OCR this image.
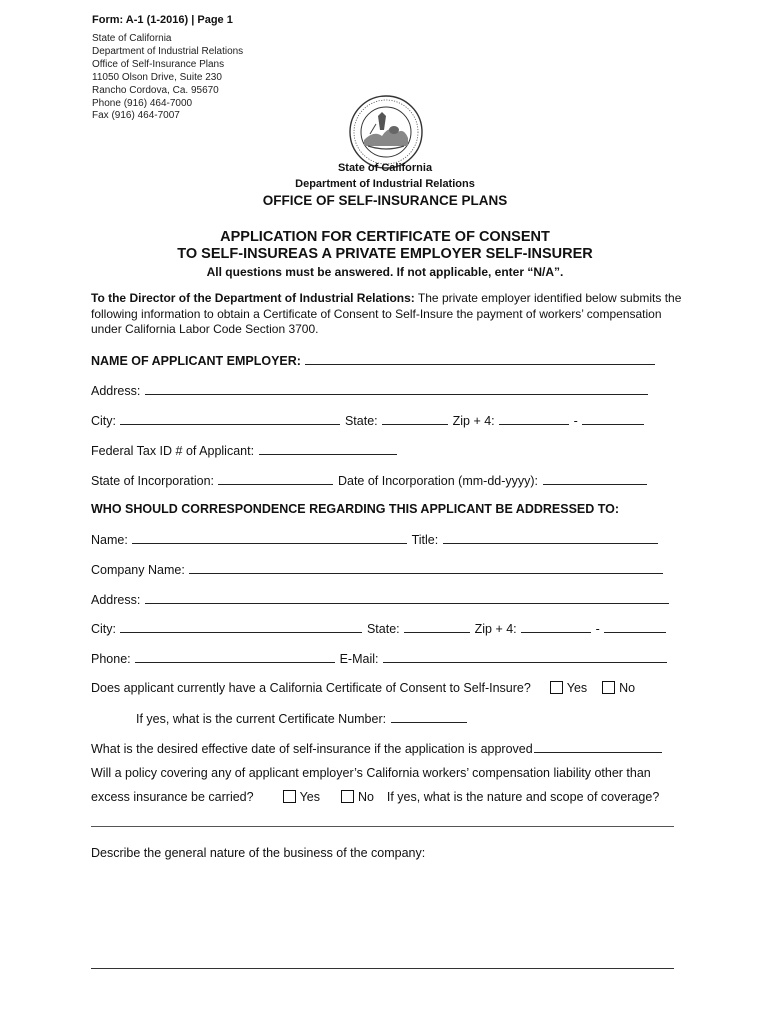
Form: A-1 (1-2016) | Page 1
State of California
Department of Industrial Relations
Office of Self-Insurance Plans
11050 Olson Drive, Suite 230
Rancho Cordova, Ca. 95670
Phone (916) 464-7000
Fax (916) 464-7007
State of California
Department of Industrial Relations
OFFICE OF SELF-INSURANCE PLANS
APPLICATION FOR CERTIFICATE OF CONSENT
TO SELF-INSUREAS A PRIVATE EMPLOYER SELF-INSURER
All questions must be answered. If not applicable, enter “N/A”.
To the Director of the Department of Industrial Relations: The private employer identified below submits the following information to obtain a Certificate of Consent to Self-Insure the payment of workers’ compensation under California Labor Code Section 3700.
NAME OF APPLICANT EMPLOYER:
Address:
City:	State:	Zip + 4:	-
Federal Tax ID # of Applicant:
State of Incorporation:	Date of Incorporation (mm-dd-yyyy):
WHO SHOULD CORRESPONDENCE REGARDING THIS APPLICANT BE ADDRESSED TO:
Name:	Title:
Company Name:
Address:
City:	State:	Zip + 4:	-
Phone:	E-Mail:
Does applicant currently have a California Certificate of Consent to Self-Insure?	Yes	No
If yes, what is the current Certificate Number:
What is the desired effective date of self-insurance if the application is approved
Will a policy covering any of applicant employer’s California workers’ compensation liability other than
excess insurance be carried?	Yes	No If yes, what is the nature and scope of coverage?
Describe the general nature of the business of the company:
